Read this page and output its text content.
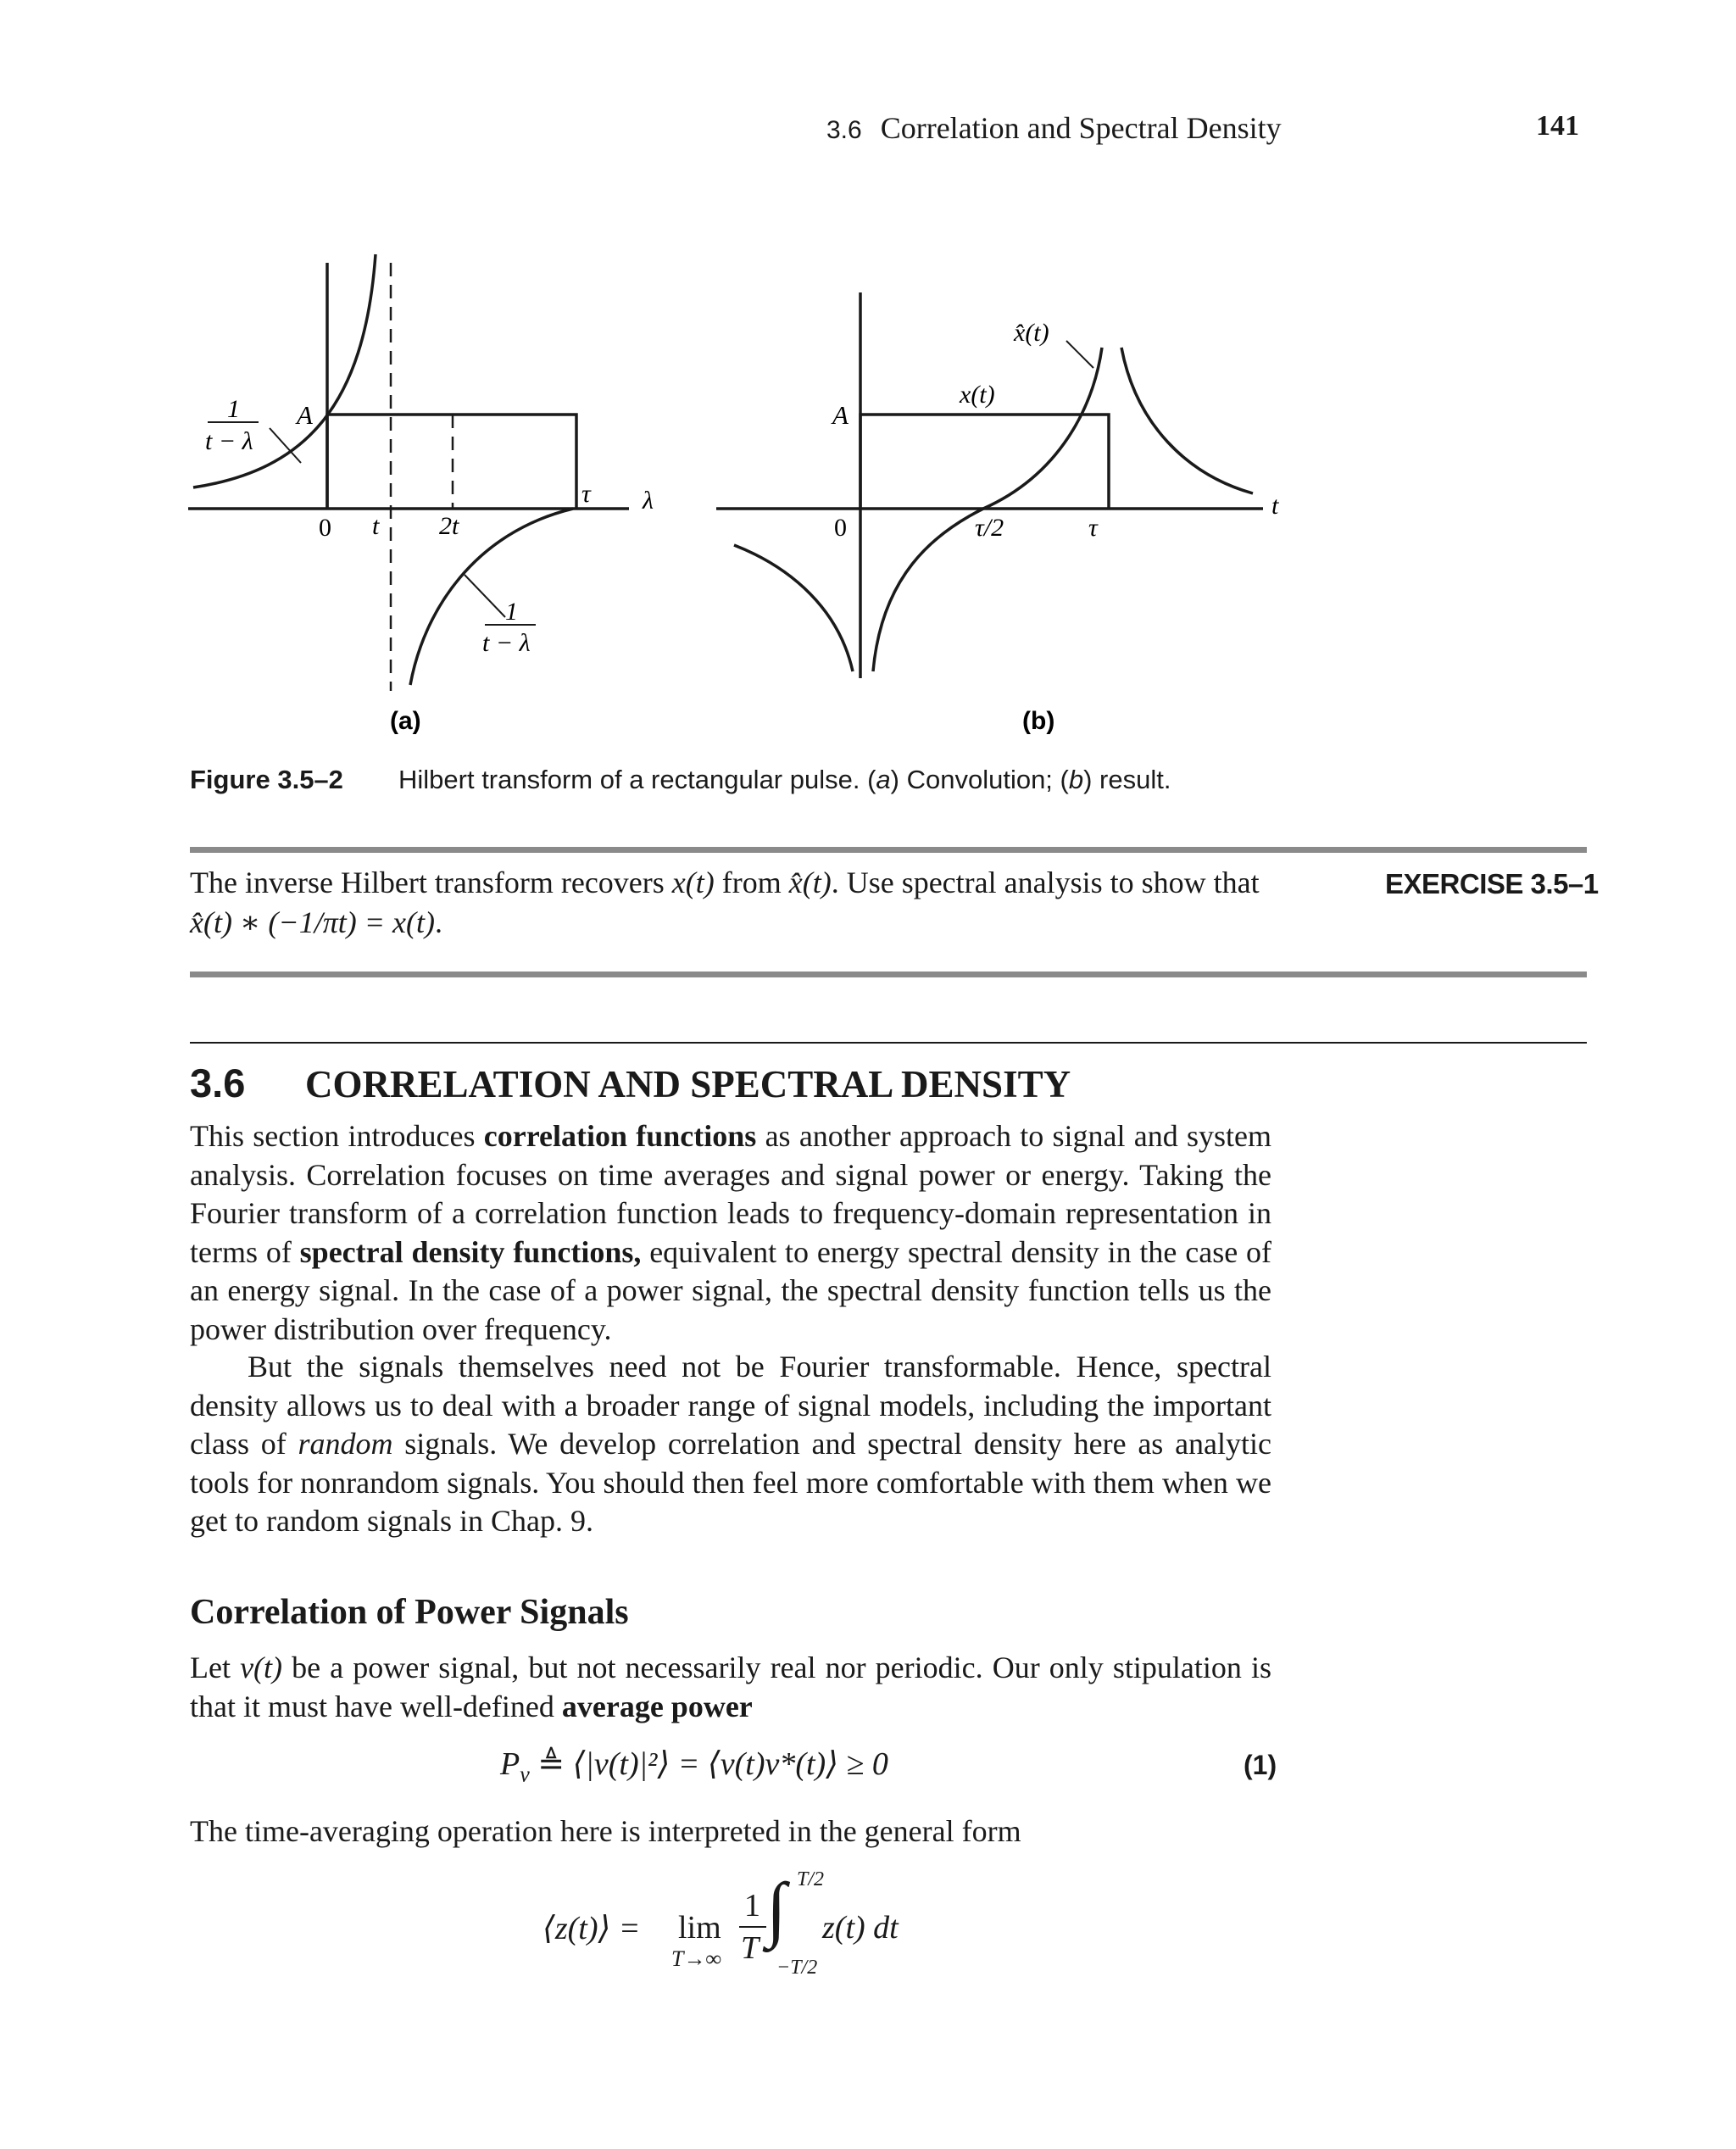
3.6 Correlation and Spectral Density	141
1
t − λ
A
0 t 2t
τ λ
1
t − λ
(a)
x̂(t)
x(t)
A
0	τ/2	τ
t
(b)
Figure 3.5–2 Hilbert transform of a rectangular pulse. (a) Convolution; (b) result.
The inverse Hilbert transform recovers x(t) from x̂(t). Use spectral analysis to show that x̂(t) ∗ (−1/πt) = x(t).
EXERCISE 3.5–1
3.6 CORRELATION AND SPECTRAL DENSITY

This section introduces correlation functions as another approach to signal and system analysis. Correlation focuses on time averages and signal power or energy. Taking the Fourier transform of a correlation function leads to frequency-domain representation in terms of spectral density functions, equivalent to energy spectral density in the case of an energy signal. In the case of a power signal, the spectral density function tells us the power distribution over frequency.

But the signals themselves need not be Fourier transformable. Hence, spectral density allows us to deal with a broader range of signal models, including the important class of random signals. We develop correlation and spectral density here as analytic tools for nonrandom signals. You should then feel more comfortable with them when we get to random signals in Chap. 9.

Correlation of Power Signals

Let v(t) be a power signal, but not necessarily real nor periodic. Our only stipulation is that it must have well-defined average power

$P_v$ ≜ ⟨|v(t)|²⟩ = ⟨v(t)v*(t)⟩ ≥ 0	(1)

The time-averaging operation here is interpreted in the general form

⟨z(t)⟩ = lim
T→∞
1
T ∫ T/2
−T/2
z(t) dt
